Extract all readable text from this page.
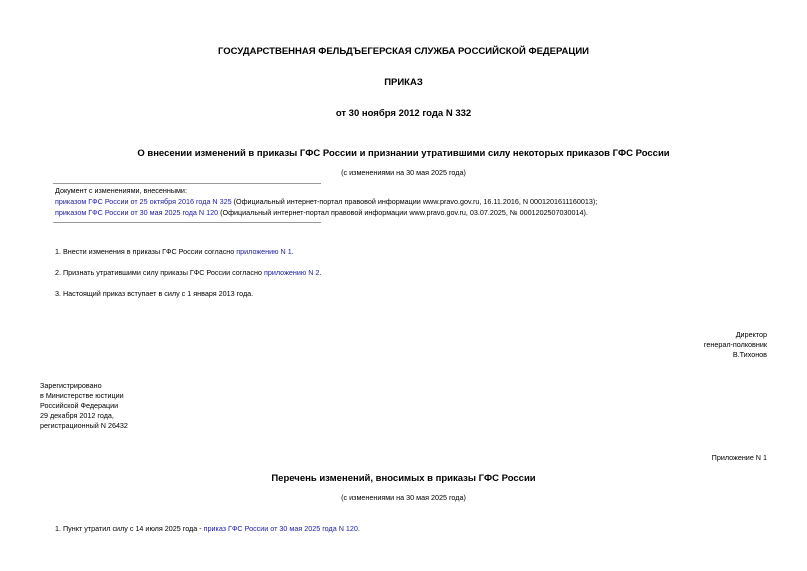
ГОСУДАРСТВЕННАЯ ФЕЛЬДЪЕГЕРСКАЯ СЛУЖБА РОССИЙСКОЙ ФЕДЕРАЦИИ
ПРИКАЗ
от 30 ноября 2012 года N 332
О внесении изменений в приказы ГФС России и признании утратившими силу некоторых приказов ГФС России
(с изменениями на 30 мая 2025 года)
Документ с изменениями, внесенными:
приказом ГФС России от 25 октября 2016 года N 325 (Официальный интернет-портал правовой информации www.pravo.gov.ru, 16.11.2016, N 0001201611160013);
приказом ГФС России от 30 мая 2025 года N 120 (Официальный интернет-портал правовой информации www.pravo.gov.ru, 03.07.2025, № 0001202507030014).
1. Внести изменения в приказы ГФС России согласно приложению N 1.
2. Признать утратившими силу приказы ГФС России согласно приложению N 2.
3. Настоящий приказ вступает в силу с 1 января 2013 года.
Директор
генерал-полковник
В.Тихонов
Зарегистрировано
в Министерстве юстиции
Российской Федерации
29 декабря 2012 года,
регистрационный N 26432
Приложение N 1
Перечень изменений, вносимых в приказы ГФС России
(с изменениями на 30 мая 2025 года)
1. Пункт утратил силу с 14 июля 2025 года - приказ ГФС России от 30 мая 2025 года N 120.
